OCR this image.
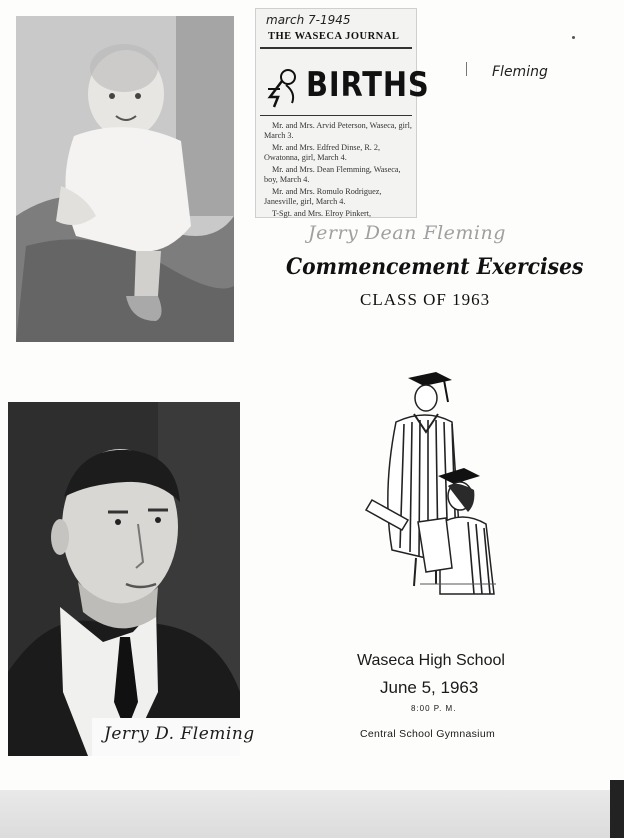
march 7-1945
THE WASECA JOURNAL
BIRTHS
Mr. and Mrs. Arvid Peterson, Waseca, girl, March 3.
Mr. and Mrs. Edfred Dinse, R. 2, Owatonna, girl, March 4.
Mr. and Mrs. Dean Flemming, Waseca, boy, March 4.
Mr. and Mrs. Romulo Rodriguez, Janesville, girl, March 4.
T-Sgt. and Mrs. Elroy Pinkert,
Fleming
Jerry Dean Fleming
Commencement Exercises
CLASS OF 1963
Jerry D. Fleming
Waseca High School
June 5, 1963
8:00 P. M.
Central School Gymnasium
